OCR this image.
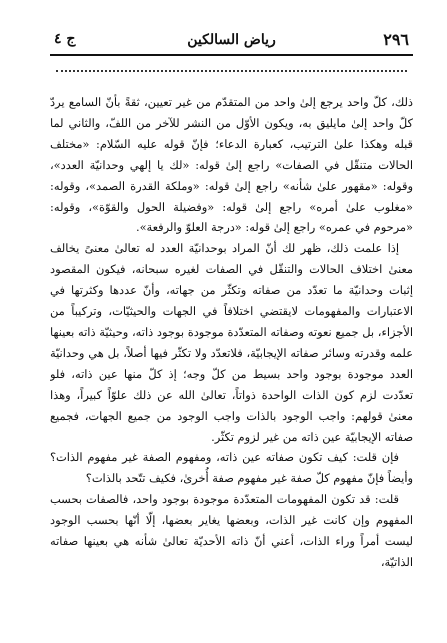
٢٩٦
رياض السالكين
ج ٤

ذلك، كلّ واحد يرجع إلىٰ واحد من المتقدّم من غير تعيين، ثقةً بأنّ السامع يردّ كلّ واحد إلىٰ مايليق به، ويكون الأوّل من النشر للآخر من اللفّ، والثاني لما قبله وهكذا علىٰ الترتيب، كعبارة الدعاء؛ فإنّ قوله عليه السّلام: «مختلف الحالات متنقّل في الصفات» راجع إلىٰ قوله: «لك يا إلهي وحدانيّة العدد»، وقوله: «مقهور علىٰ شأنه» راجع إلىٰ قوله: «وملكة القدرة الصمد»، وقوله: «مغلوب علىٰ أمره» راجع إلىٰ قوله: «وفضيلة الحول والقوّة»، وقوله: «مرحوم في عمره» راجع إلىٰ قوله: «درجة العلوّ والرفعة».

إذا علمت ذلك، ظهر لك أنّ المراد بوحدانيّة العدد له تعالىٰ معنىً يخالف معنىٰ اختلاف الحالات والتنقّل في الصفات لغيره سبحانه، فيكون المقصود إثبات وحدانيّة ما تعدّد من صفاته وتكثّر من جهاته، وأنّ عددها وكثرتها في الاعتبارات والمفهومات لايقتضي اختلافاً في الجهات والحيثيّات، وتركيباً من الأجزاء، بل جميع نعوته وصفاته المتعدّدة موجودة بوجود ذاته، وحيثيّة ذاته بعينها علمه وقدرته وسائر صفاته الإيجابيّة، فلاتعدّد ولا تكثّر فيها أصلاً، بل هي وحدانيّة العدد موجودة بوجود واحد بسيط من كلّ وجه؛ إذ كلّ منها عين ذاته، فلو تعدّدت لزم كون الذات الواحدة ذواتاً، تعالىٰ الله عن ذلك علوّاً كبيراً، وهذا معنىٰ قولهم: واجب الوجود بالذات واجب الوجود من جميع الجهات، فجميع صفاته الإيجابيّة عين ذاته من غير لزوم تكثّر.

فإن قلت: كيف تكون صفاته عين ذاته، ومفهوم الصفة غير مفهوم الذات؟ وأيضاً فإنّ مفهوم كلّ صفة غير مفهوم صفة أُخرىٰ، فكيف تتّحد بالذات؟

قلت: قد تكون المفهومات المتعدّدة موجودة بوجود واحد، فالصفات بحسب المفهوم وإن كانت غير الذات، وبعضها يغاير بعضها، إلّا أنّها بحسب الوجود ليست أمراً وراء الذات، أعني أنّ ذاته الأحديّة تعالىٰ شأنه هي بعينها صفاته الذاتيّة،
